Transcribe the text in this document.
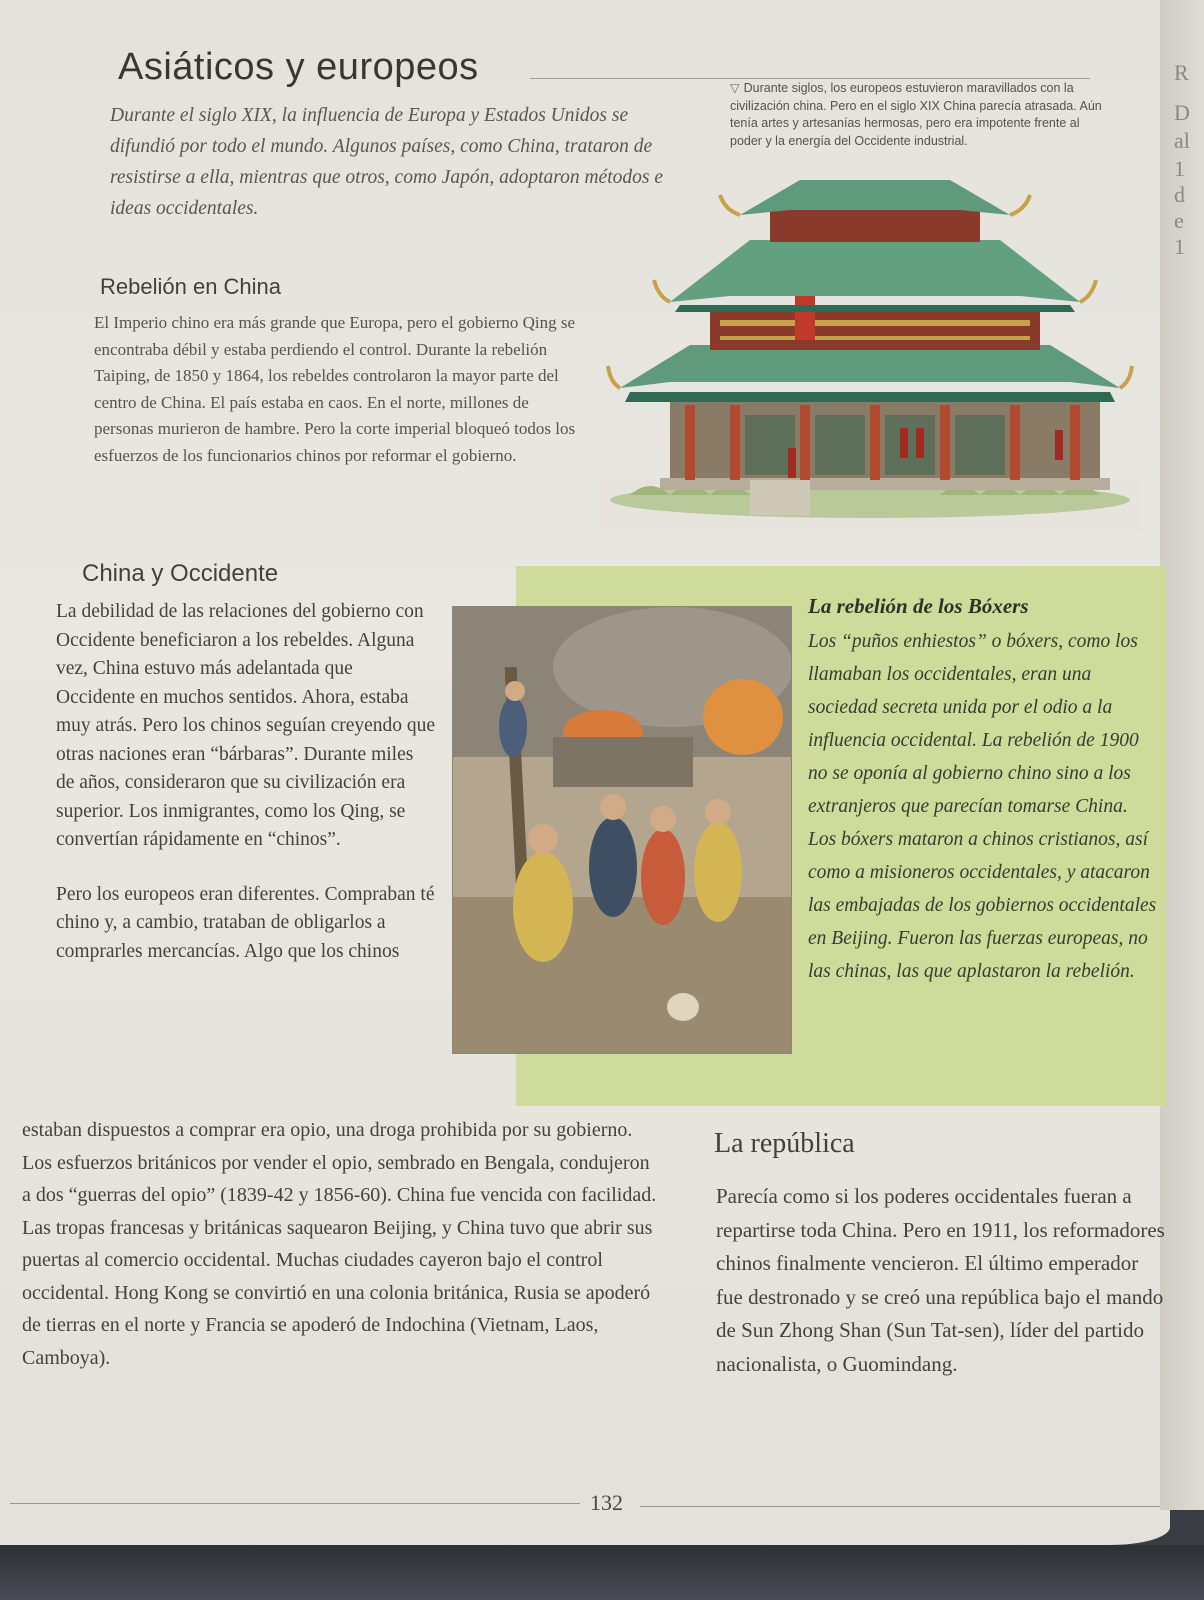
R
D
al
1
d
e
1
Asiáticos y europeos

Durante el siglo XIX, la influencia de Europa y Estados Unidos se difundió por todo el mundo. Algunos países, como China, trataron de resistirse a ella, mientras que otros, como Japón, adoptaron métodos e ideas occidentales.

▽ Durante siglos, los europeos estuvieron maravillados con la civilización china. Pero en el siglo XIX China parecía atrasada. Aún tenía artes y artesanías hermosas, pero era impotente frente al poder y la energía del Occidente industrial.

Rebelión en China

El Imperio chino era más grande que Europa, pero el gobierno Qing se encontraba débil y estaba perdiendo el control. Durante la rebelión Taiping, de 1850 y 1864, los rebeldes controlaron la mayor parte del centro de China. El país estaba en caos. En el norte, millones de personas murieron de hambre. Pero la corte imperial bloqueó todos los esfuerzos de los funcionarios chinos por reformar el gobierno.

China y Occidente

La debilidad de las relaciones del gobierno con Occidente beneficiaron a los rebeldes. Alguna vez, China estuvo más adelantada que Occidente en muchos sentidos. Ahora, estaba muy atrás. Pero los chinos seguían creyendo que otras naciones eran “bárbaras”. Durante miles de años, consideraron que su civilización era superior. Los inmigrantes, como los Qing, se convertían rápidamente en “chinos”.

Pero los europeos eran diferentes. Compraban té chino y, a cambio, trataban de obligarlos a comprarles mercancías. Algo que los chinos

La rebelión de los Bóxers

Los “puños enhiestos” o bóxers, como los llamaban los occidentales, eran una sociedad secreta unida por el odio a la influencia occidental. La rebelión de 1900 no se oponía al gobierno chino sino a los extranjeros que parecían tomarse China. Los bóxers mataron a chinos cristianos, así como a misioneros occidentales, y atacaron las embajadas de los gobiernos occidentales en Beijing. Fueron las fuerzas europeas, no las chinas, las que aplastaron la rebelión.

estaban dispuestos a comprar era opio, una droga prohibida por su gobierno. Los esfuerzos británicos por vender el opio, sembrado en Bengala, condujeron a dos “guerras del opio” (1839-42 y 1856-60). China fue vencida con facilidad. Las tropas francesas y británicas saquearon Beijing, y China tuvo que abrir sus puertas al comercio occidental. Muchas ciudades cayeron bajo el control occidental. Hong Kong se convirtió en una colonia británica, Rusia se apoderó de tierras en el norte y Francia se apoderó de Indochina (Vietnam, Laos, Camboya).

La república

Parecía como si los poderes occidentales fueran a repartirse toda China. Pero en 1911, los reformadores chinos finalmente vencieron. El último emperador fue destronado y se creó una república bajo el mando de Sun Zhong Shan (Sun Tat-sen), líder del partido nacionalista, o Guomindang.

132
